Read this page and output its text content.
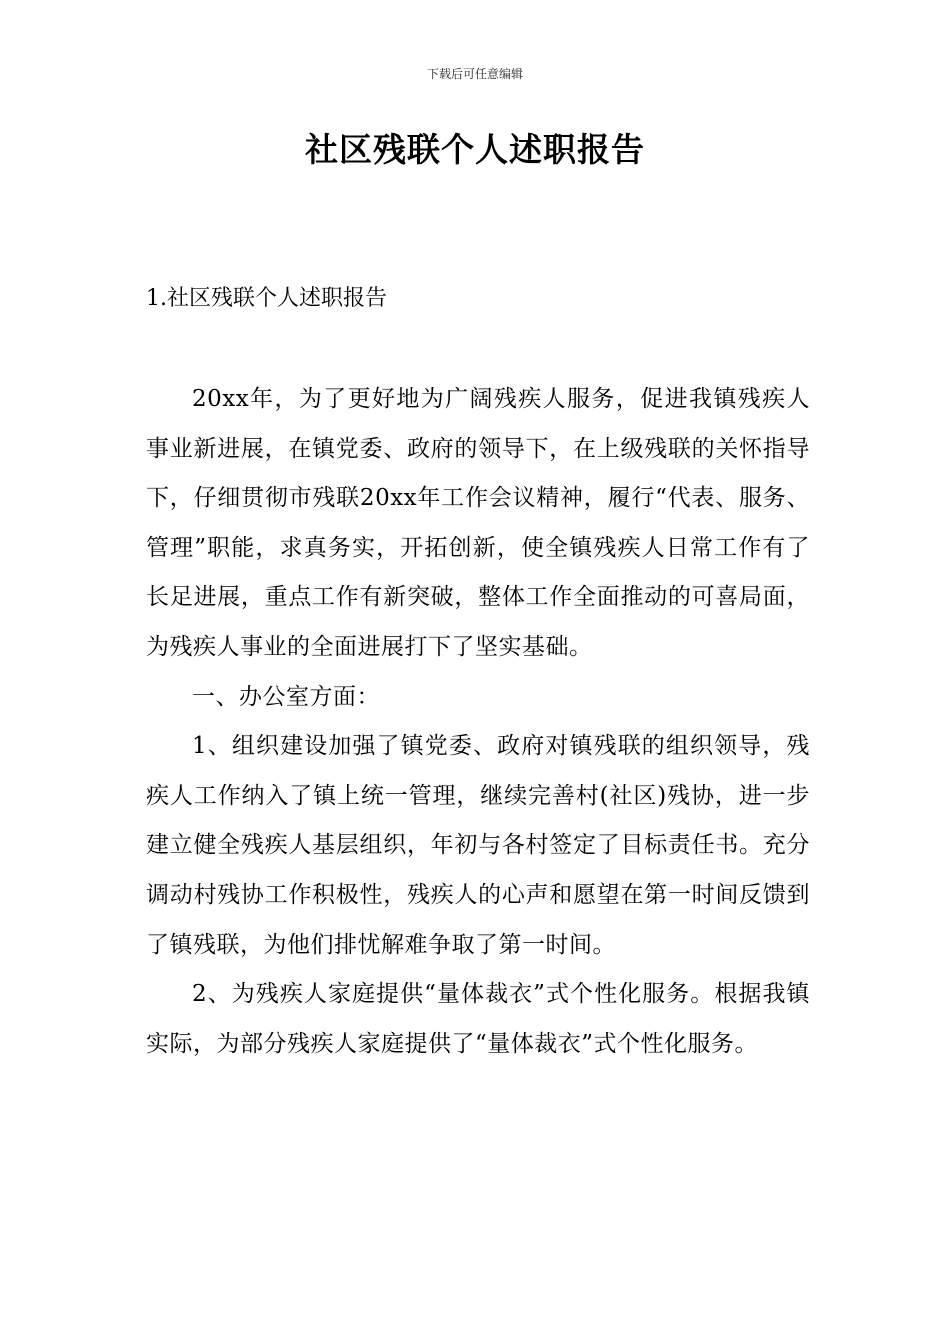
下载后可任意编辑
社区残联个人述职报告
1.社区残联个人述职报告

20xx年，为了更好地为广阔残疾人服务，促进我镇残疾人事业新进展，在镇党委、政府的领导下，在上级残联的关怀指导下，仔细贯彻市残联20xx年工作会议精神，履行“代表、服务、管理”职能，求真务实，开拓创新，使全镇残疾人日常工作有了长足进展，重点工作有新突破，整体工作全面推动的可喜局面，为残疾人事业的全面进展打下了坚实基础。

一、办公室方面：

1、组织建设加强了镇党委、政府对镇残联的组织领导，残疾人工作纳入了镇上统一管理，继续完善村(社区)残协，进一步建立健全残疾人基层组织，年初与各村签定了目标责任书。充分调动村残协工作积极性，残疾人的心声和愿望在第一时间反馈到了镇残联，为他们排忧解难争取了第一时间。

2、为残疾人家庭提供“量体裁衣”式个性化服务。根据我镇实际，为部分残疾人家庭提供了“量体裁衣”式个性化服务。
